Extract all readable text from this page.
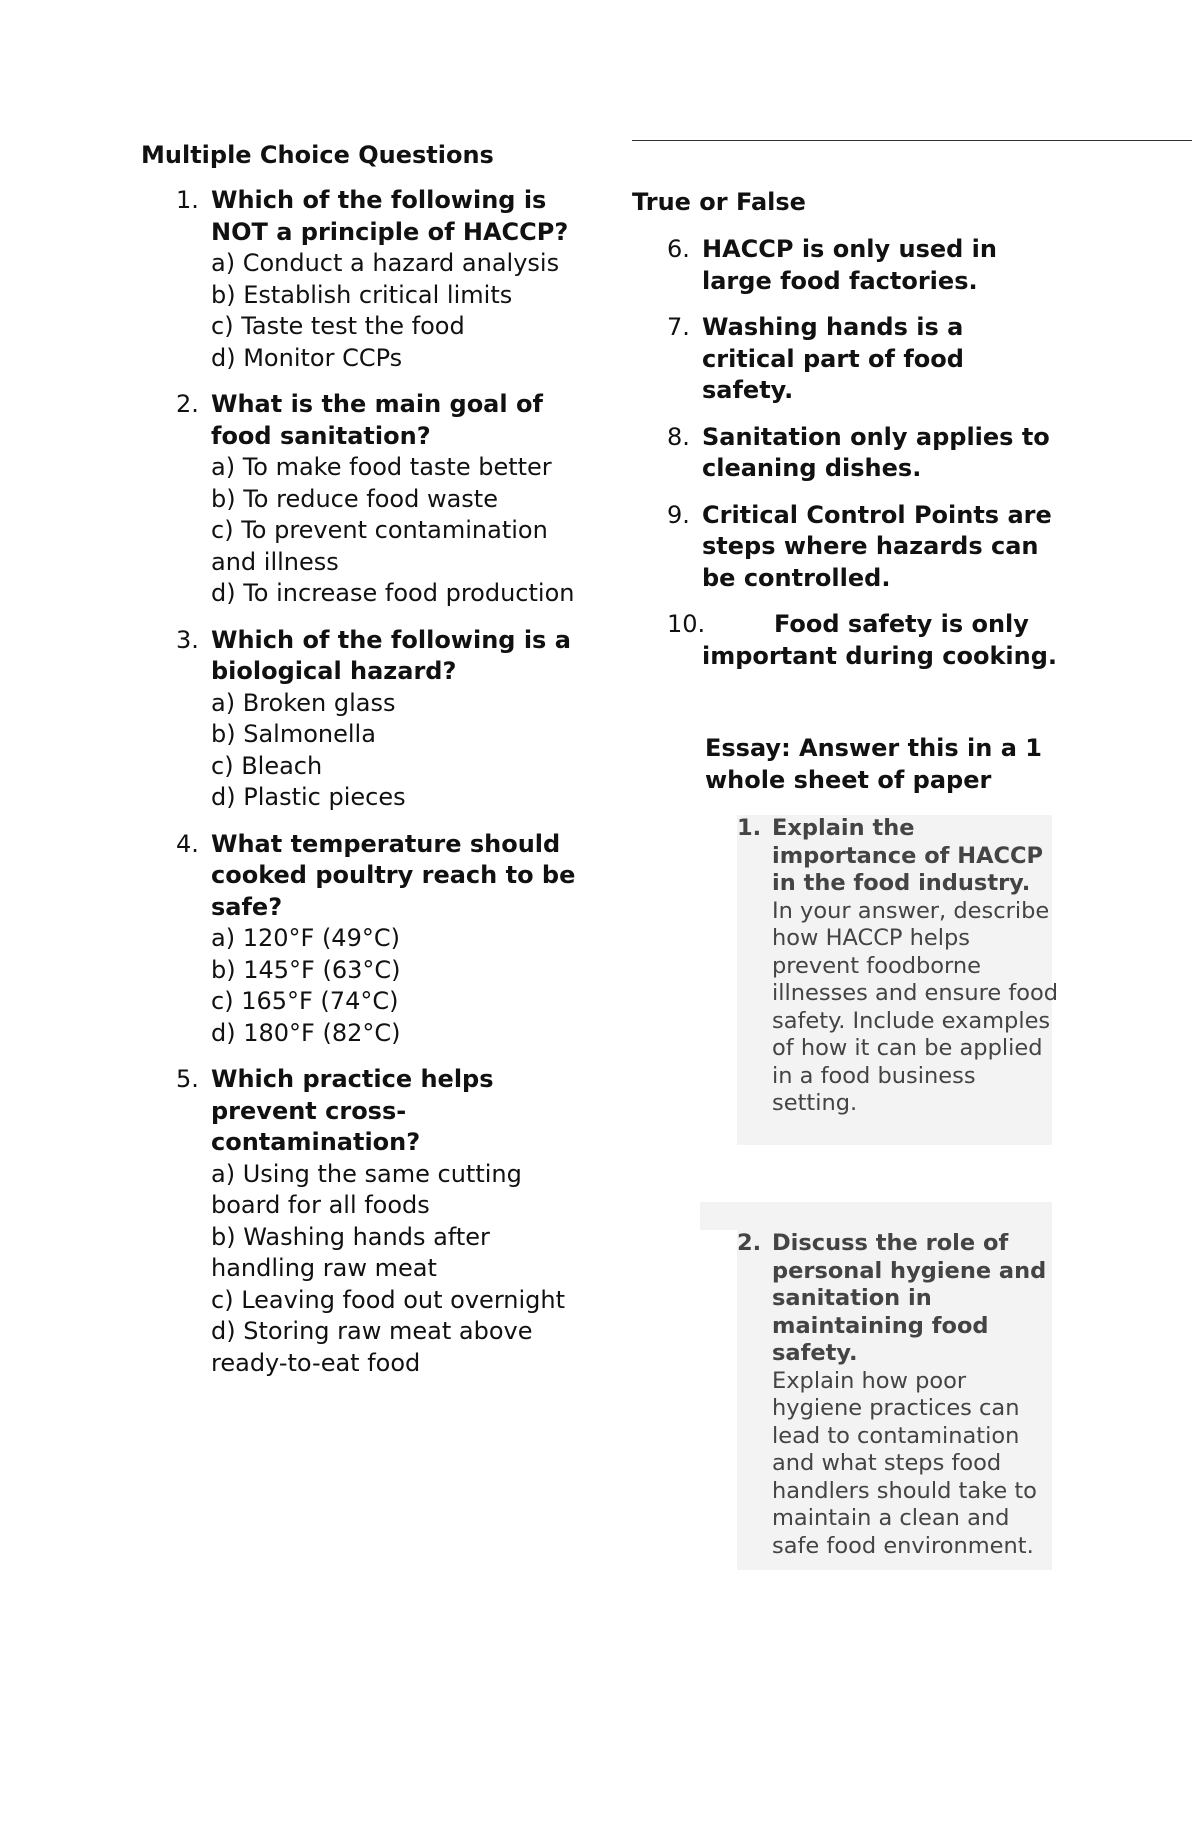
Multiple Choice Questions
1. Which of the following is NOT a principle of HACCP?
a) Conduct a hazard analysis
b) Establish critical limits
c) Taste test the food
d) Monitor CCPs
2. What is the main goal of food sanitation?
a) To make food taste better
b) To reduce food waste
c) To prevent contamination and illness
d) To increase food production
3. Which of the following is a biological hazard?
a) Broken glass
b) Salmonella
c) Bleach
d) Plastic pieces
4. What temperature should cooked poultry reach to be safe?
a) 120°F (49°C)
b) 145°F (63°C)
c) 165°F (74°C)
d) 180°F (82°C)
5. Which practice helps prevent cross-contamination?
a) Using the same cutting board for all foods
b) Washing hands after handling raw meat
c) Leaving food out overnight
d) Storing raw meat above ready-to-eat food
True or False
6. HACCP is only used in large food factories.
7. Washing hands is a critical part of food safety.
8. Sanitation only applies to cleaning dishes.
9. Critical Control Points are steps where hazards can be controlled.
10.	Food safety is only important during cooking.
Essay: Answer this in a 1 whole sheet of paper
1. Explain the importance of HACCP in the food industry.
In your answer, describe how HACCP helps prevent foodborne illnesses and ensure food safety. Include examples of how it can be applied in a food business setting.
2. Discuss the role of personal hygiene and sanitation in maintaining food safety.
Explain how poor hygiene practices can lead to contamination and what steps food handlers should take to maintain a clean and safe food environment.
